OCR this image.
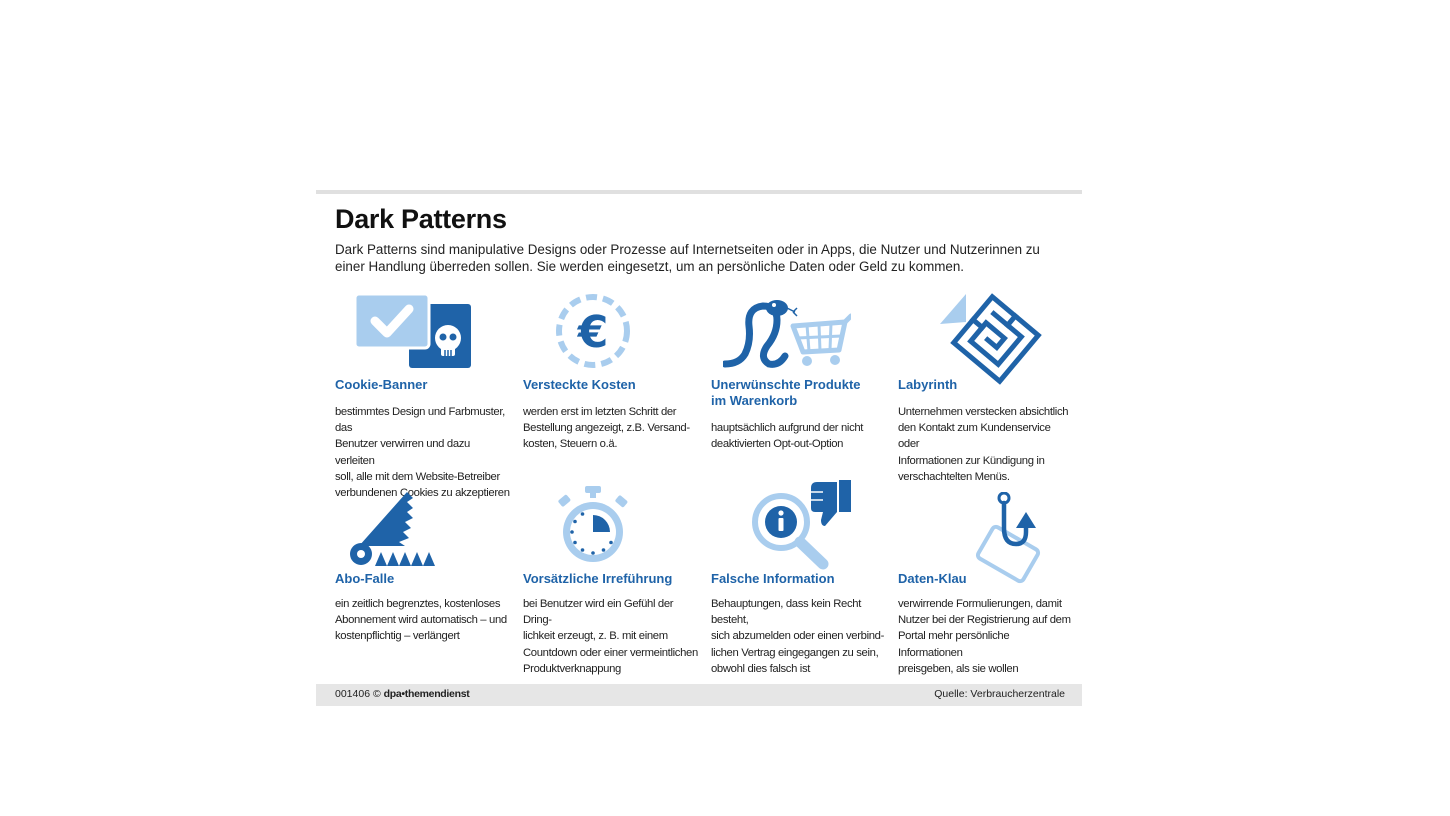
Dark Patterns

Dark Patterns sind manipulative Designs oder Prozesse auf Internetseiten oder in Apps, die Nutzer und Nutzerinnen zu einer Handlung überreden sollen. Sie werden eingesetzt, um an persönliche Daten oder Geld zu kommen.

Cookie-Banner

bestimmtes Design und Farbmuster, das
Benutzer verwirren und dazu verleiten
soll, alle mit dem Website-Betreiber
verbundenen Cookies zu akzeptieren

€
Versteckte Kosten

werden erst im letzten Schritt der
Bestellung angezeigt, z.B. Versand-
kosten, Steuern o.ä.

Unerwünschte Produkte
im Warenkorb

hauptsächlich aufgrund der nicht
deaktivierten Opt-out-Option

Labyrinth

Unternehmen verstecken absichtlich
den Kontakt zum Kundenservice oder
Informationen zur Kündigung in
verschachtelten Menüs.

Abo-Falle

ein zeitlich begrenztes, kostenloses
Abonnement wird automatisch – und
kostenpflichtig – verlängert

Vorsätzliche Irreführung

bei Benutzer wird ein Gefühl der Dring-
lichkeit erzeugt, z. B. mit einem
Countdown oder einer vermeintlichen
Produktverknappung

Falsche Information

Behauptungen, dass kein Recht besteht,
sich abzumelden oder einen verbind-
lichen Vertrag eingegangen zu sein,
obwohl dies falsch ist

Daten-Klau

verwirrende Formulierungen, damit
Nutzer bei der Registrierung auf dem
Portal mehr persönliche Informationen
preisgeben, als sie wollen

001406 © dpa•themendienst	Quelle: Verbraucherzentrale
